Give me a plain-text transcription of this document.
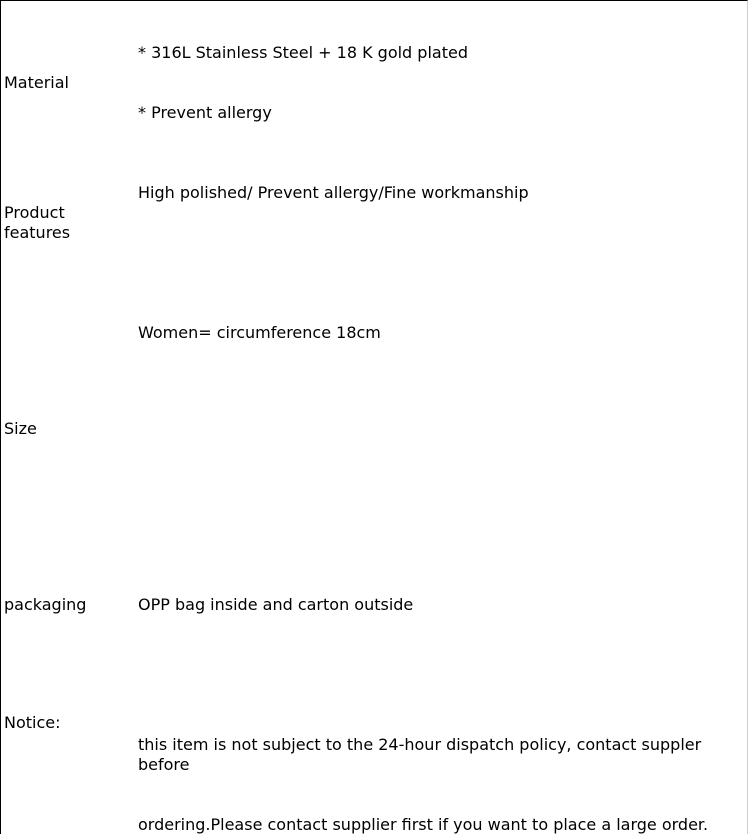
* 316L Stainless Steel + 18 K gold plated
Material
* Prevent allergy
High polished/ Prevent allergy/Fine workmanship
Product
features
Women= circumference 18cm
Size
packaging	OPP bag inside and carton outside
Notice:
this item is not subject to the 24-hour dispatch policy, contact suppler
before
ordering.Please contact supplier first if you want to place a large order.
